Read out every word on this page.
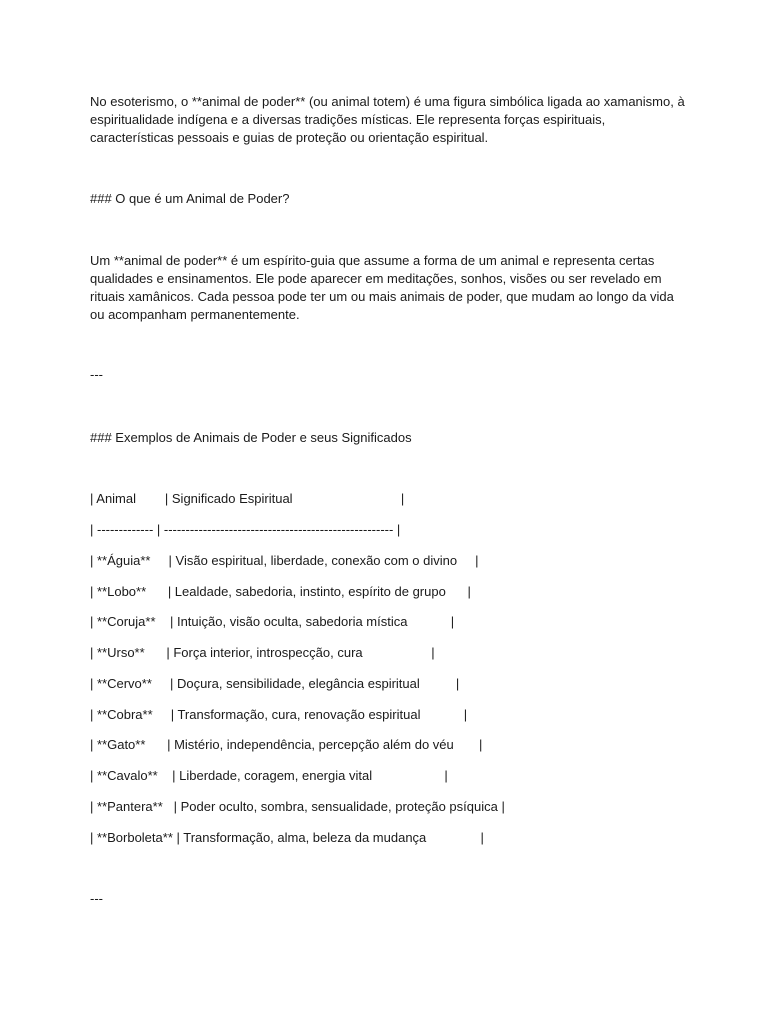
No esoterismo, o **animal de poder** (ou animal totem) é uma figura simbólica ligada ao xamanismo, à espiritualidade indígena e a diversas tradições místicas. Ele representa forças espirituais, características pessoais e guias de proteção ou orientação espiritual.

### O que é um Animal de Poder?

Um **animal de poder** é um espírito-guia que assume a forma de um animal e representa certas qualidades e ensinamentos. Ele pode aparecer em meditações, sonhos, visões ou ser revelado em rituais xamânicos. Cada pessoa pode ter um ou mais animais de poder, que mudam ao longo da vida ou acompanham permanentemente.

---

### Exemplos de Animais de Poder e seus Significados

| Animal        | Significado Espiritual                              |

| ------------- | ----------------------------------------------------- |

| **Águia**     | Visão espiritual, liberdade, conexão com o divino     |

| **Lobo**      | Lealdade, sabedoria, instinto, espírito de grupo      |

| **Coruja**    | Intuição, visão oculta, sabedoria mística            |

| **Urso**      | Força interior, introspecção, cura                   |

| **Cervo**     | Doçura, sensibilidade, elegância espiritual          |

| **Cobra**     | Transformação, cura, renovação espiritual            |

| **Gato**      | Mistério, independência, percepção além do véu       |

| **Cavalo**    | Liberdade, coragem, energia vital                    |

| **Pantera**   | Poder oculto, sombra, sensualidade, proteção psíquica |

| **Borboleta** | Transformação, alma, beleza da mudança               |

---
